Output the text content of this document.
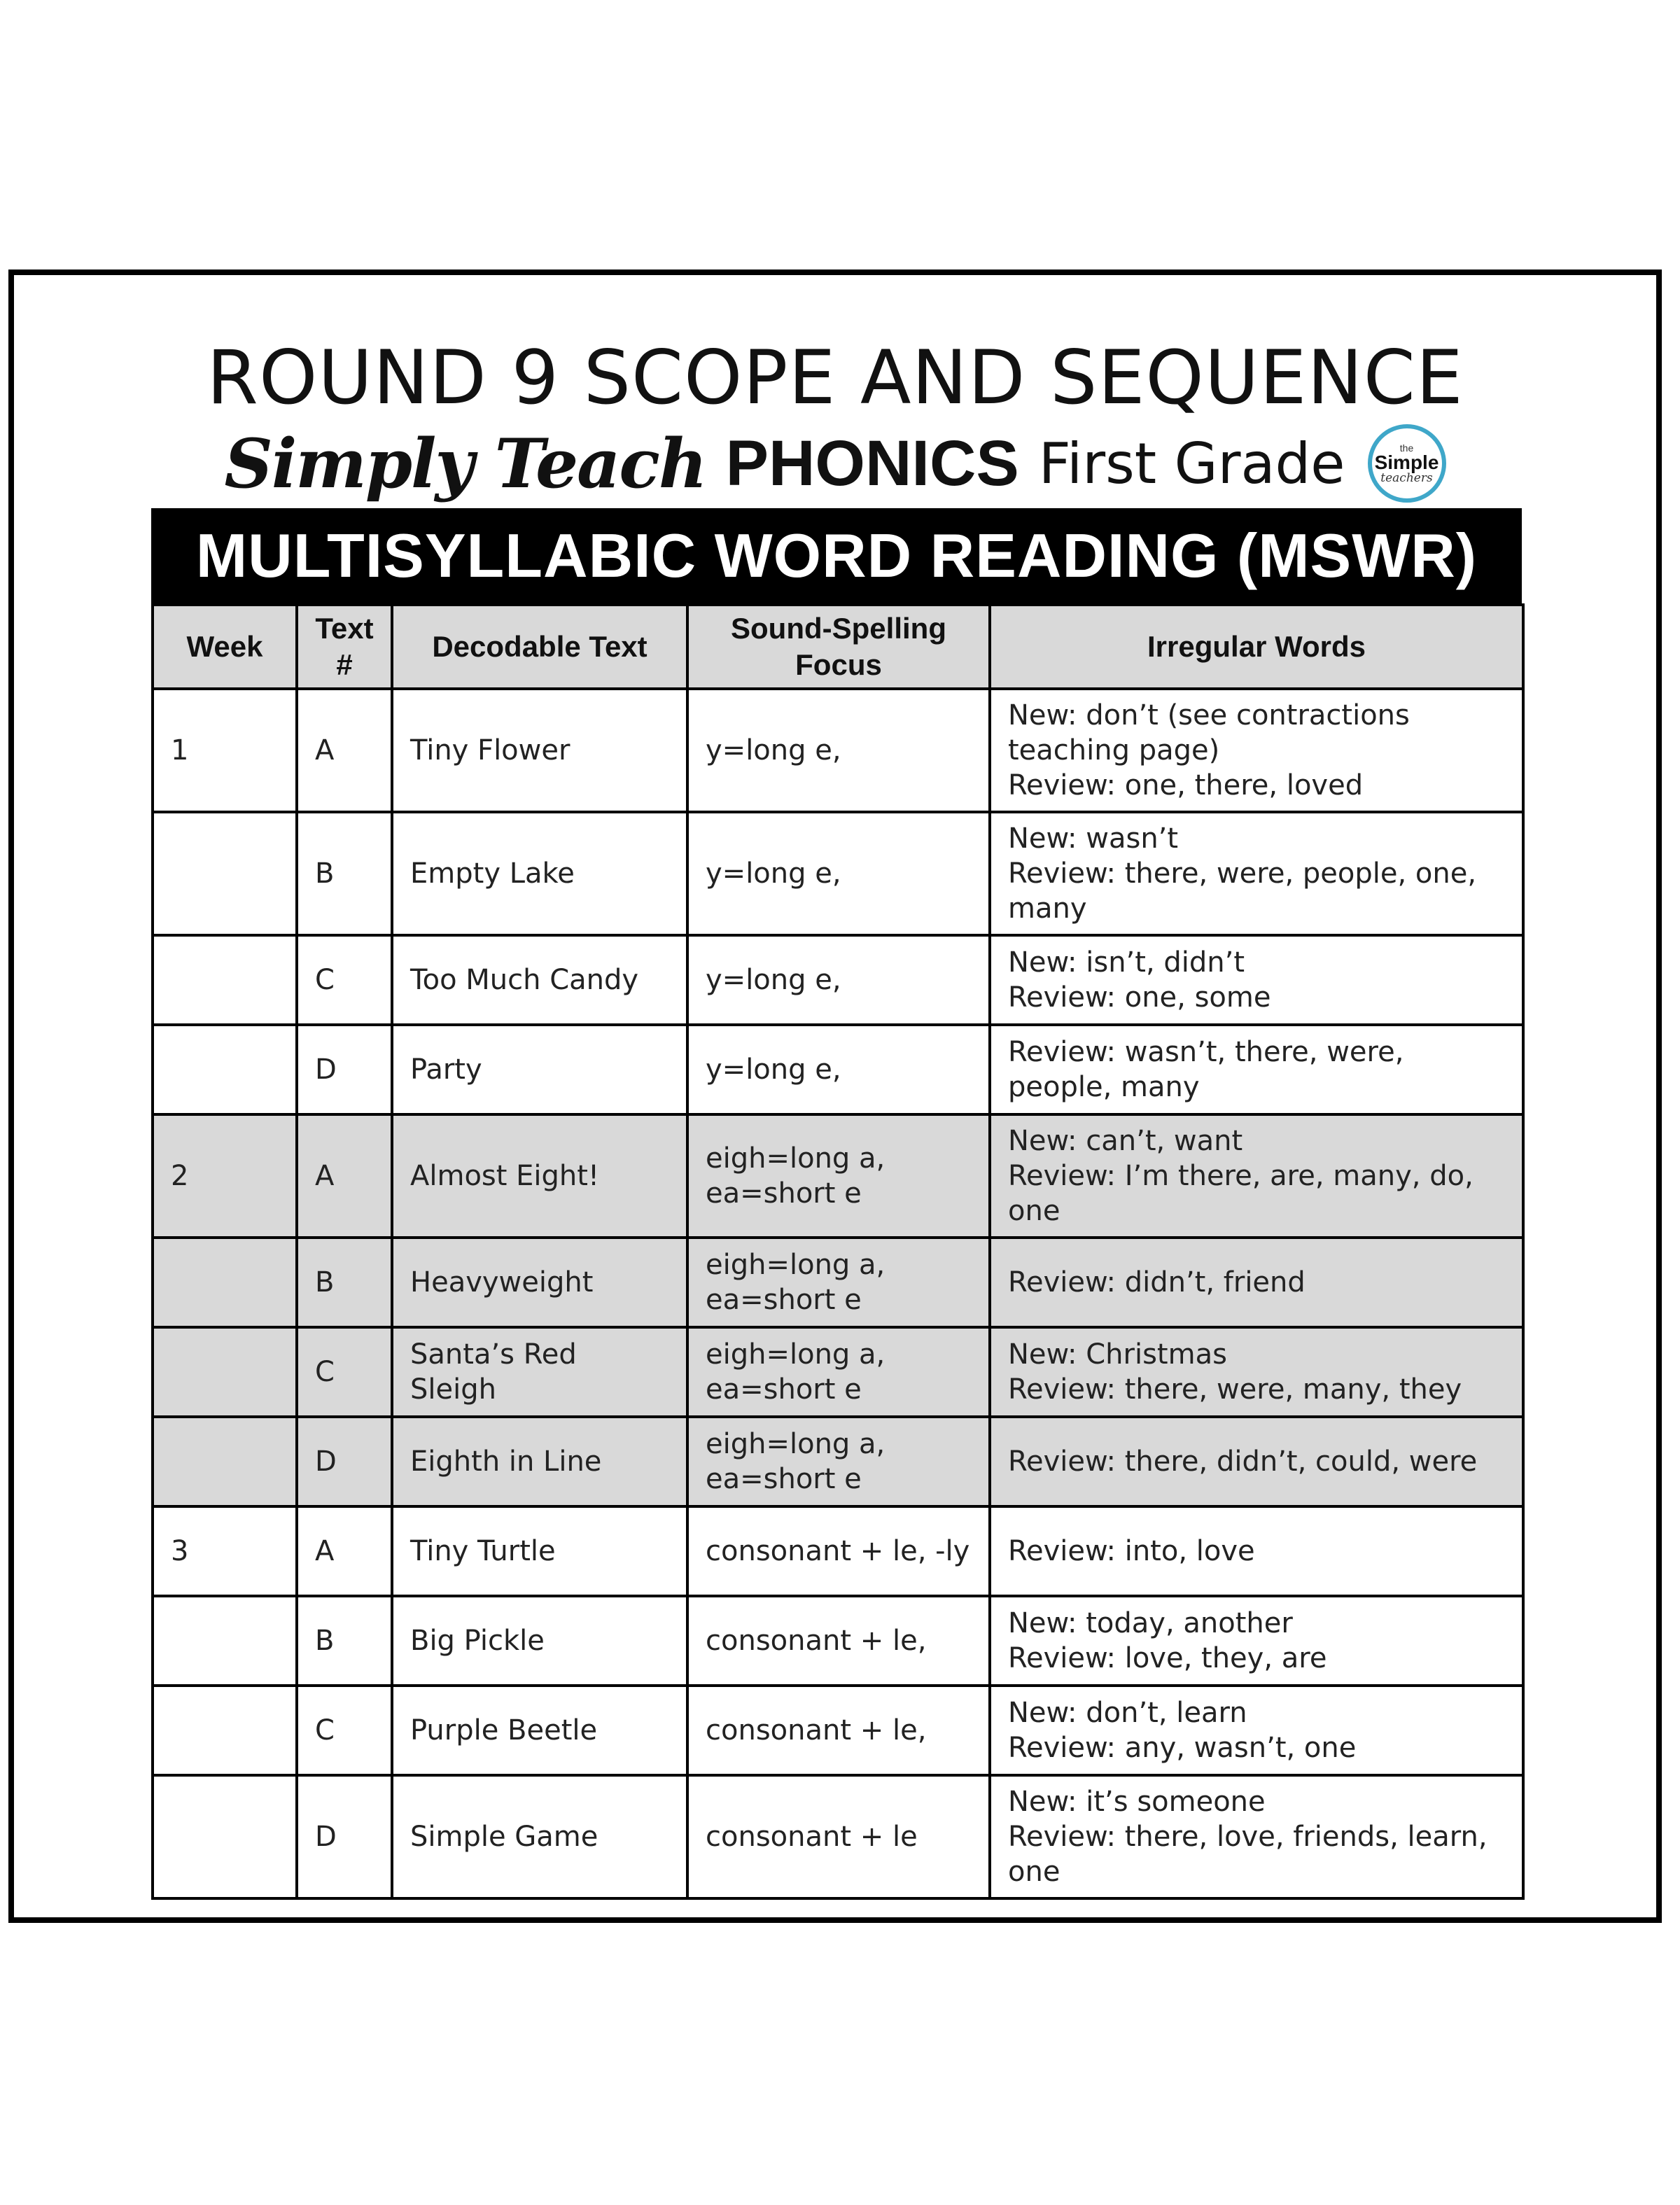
ROUND 9 SCOPE AND SEQUENCE
Simply Teach PHONICS First Grade	the
Simple
teachers
MULTISYLLABIC WORD READING (MSWR)
Week	Text #	Decodable Text	Sound-Spelling Focus	Irregular Words
1	A	Tiny Flower	y=long e,	New: don’t (see contractions teaching page)
Review: one, there, loved
	B	Empty Lake	y=long e,	New: wasn’t
Review: there, were, people, one, many
	C	Too Much Candy	y=long e,	New: isn’t, didn’t
Review: one, some
	D	Party	y=long e,	Review: wasn’t, there, were, people, many
2	A	Almost Eight!	eigh=long a,
ea=short e	New: can’t, want
Review: I’m there, are, many, do, one
	B	Heavyweight	eigh=long a,
ea=short e	Review: didn’t, friend
	C	Santa’s Red Sleigh	eigh=long a,
ea=short e	New: Christmas
Review: there, were, many, they
	D	Eighth in Line	eigh=long a,
ea=short e	Review: there, didn’t, could, were
3	A	Tiny Turtle	consonant + le, -ly	Review: into, love
	B	Big Pickle	consonant + le,	New: today, another
Review: love, they, are
	C	Purple Beetle	consonant + le,	New: don’t, learn
Review: any, wasn’t, one
	D	Simple Game	consonant + le	New: it’s someone
Review: there, love, friends, learn, one
